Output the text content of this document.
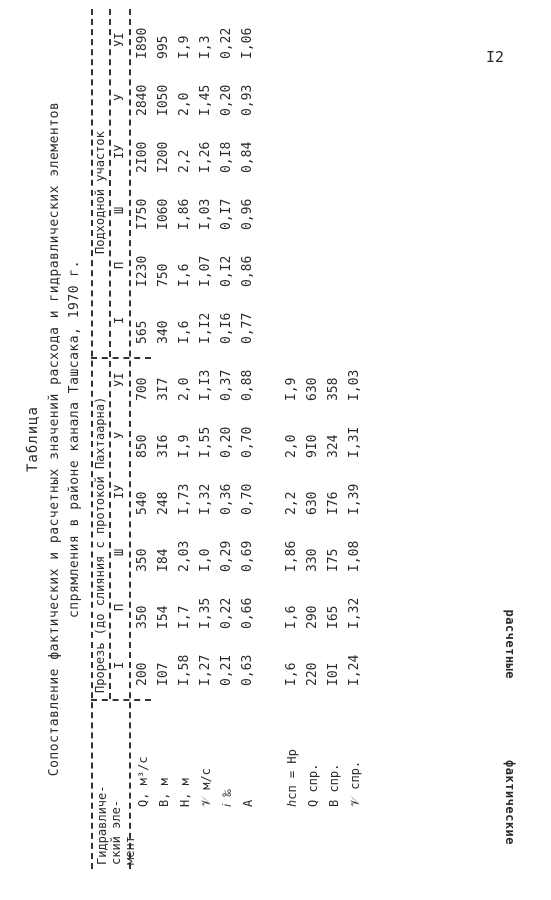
I2
Таблица Сопоставление фактических и расчетных значений расхода и гидравлических элементов спрямления в районе канала Ташсака, 1970 г.
Гидравличе- ский эле- мент
Прорезь (до слияния с протокой Пахтаарна)
Подходной участок
I
П
Ш
ІУ
У
УІ
I
П
Ш
ІУ
У
УІ
фактические
расчетные
Q, м³/с
200
350
350
540
850
700
565
I230
I750
2I00
2840
I890
В, м
I07
I54
I84
248
3I6
3I7
340
750
I060
I200
I050
995
Н, м
I,58
I,7
2,03
I,73
I,9
2,0
I,6
I,6
I,86
2,2
2,0
I,9
𝒱 м/с
I,27
I,35
I,0
I,32
I,55
I,I3
I,I2
I,07
I,03
I,26
I,45
I,3
𝑖 ‰
0,2I
0,22
0,29
0,36
0,20
0,37
0,I6
0,I2
0,I7
0,I8
0,20
0,22
А
0,63
0,66
0,69
0,70
0,70
0,88
0,77
0,86
0,96
0,84
0,93
I,06
ℎсп = Нр
I,6
I,6
I,86
2,2
2,0
I,9
Q спр.
220
290
330
630
9I0
630
В спр.
I0I
I65
I75
I76
324
358
𝒱 спр.
I,24
I,32
I,08
I,39
I,3I
I,03
